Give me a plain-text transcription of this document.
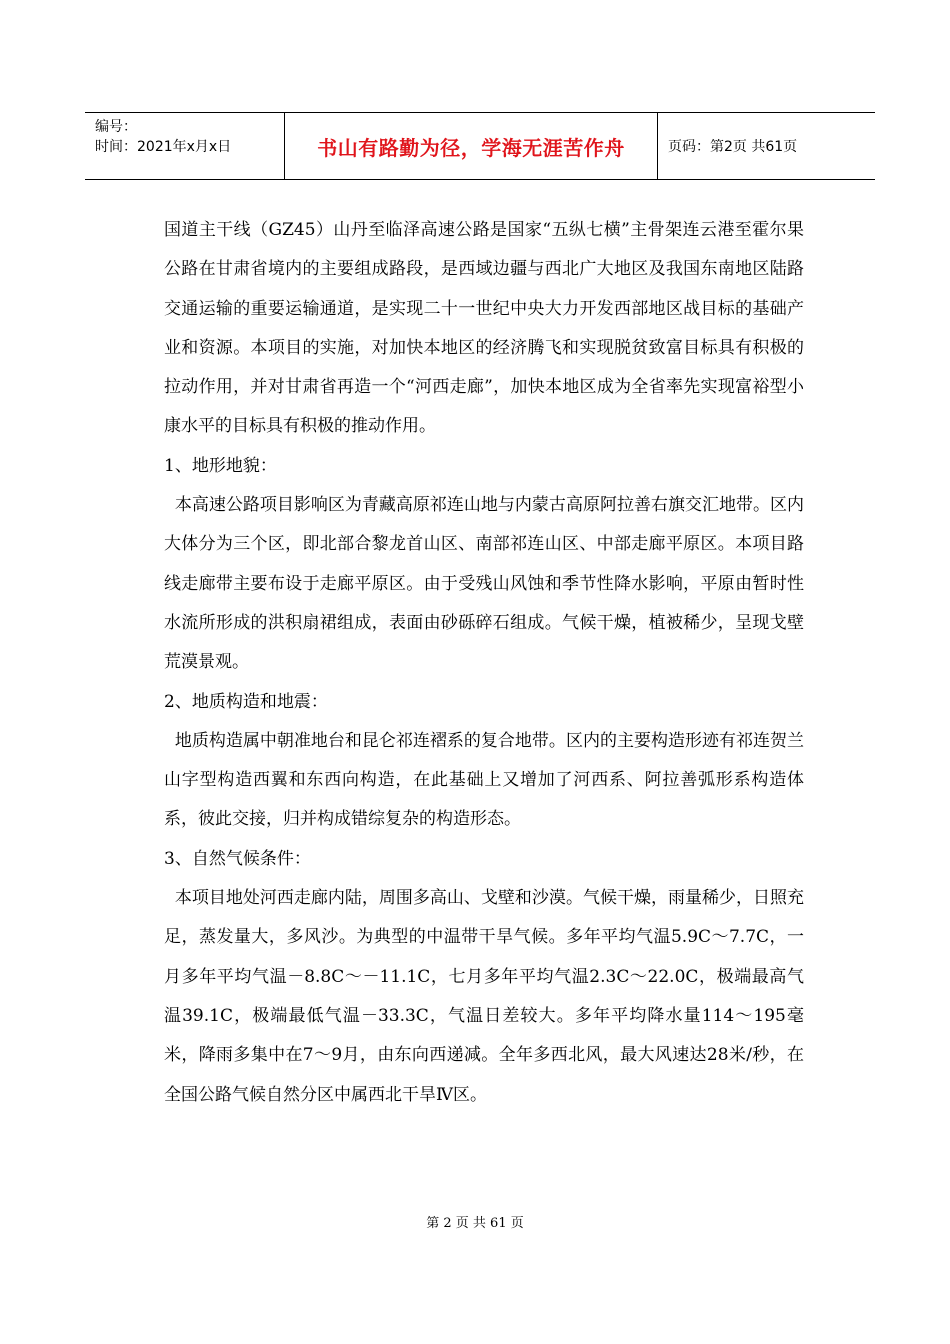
编号：
时间：2021年x月x日	书山有路勤为径，学海无涯苦作舟	页码：第2页 共61页

国道主干线（GZ45）山丹至临泽高速公路是国家“五纵七横”主骨架连云港至霍尔果公路在甘肃省境内的主要组成路段，是西域边疆与西北广大地区及我国东南地区陆路交通运输的重要运输通道，是实现二十一世纪中央大力开发西部地区战目标的基础产业和资源。本项目的实施，对加快本地区的经济腾飞和实现脱贫致富目标具有积极的拉动作用，并对甘肃省再造一个“河西走廊”，加快本地区成为全省率先实现富裕型小康水平的目标具有积极的推动作用。

1、地形地貌：

本高速公路项目影响区为青藏高原祁连山地与内蒙古高原阿拉善右旗交汇地带。区内大体分为三个区，即北部合黎龙首山区、南部祁连山区、中部走廊平原区。本项目路线走廊带主要布设于走廊平原区。由于受残山风蚀和季节性降水影响，平原由暂时性水流所形成的洪积扇裙组成，表面由砂砾碎石组成。气候干燥，植被稀少，呈现戈壁荒漠景观。

2、地质构造和地震：

地质构造属中朝准地台和昆仑祁连褶系的复合地带。区内的主要构造形迹有祁连贺兰山字型构造西翼和东西向构造，在此基础上又增加了河西系、阿拉善弧形系构造体系，彼此交接，归并构成错综复杂的构造形态。

3、自然气候条件：

本项目地处河西走廊内陆，周围多高山、戈壁和沙漠。气候干燥，雨量稀少，日照充足，蒸发量大，多风沙。为典型的中温带干旱气候。多年平均气温5.9C～7.7C，一月多年平均气温－8.8C～－11.1C，七月多年平均气温2.3C～22.0C，极端最高气温39.1C，极端最低气温－33.3C，气温日差较大。多年平均降水量114～195毫米，降雨多集中在7～9月，由东向西递减。全年多西北风，最大风速达28米/秒，在全国公路气候自然分区中属西北干旱Ⅳ区。

第 2 页 共 61 页
